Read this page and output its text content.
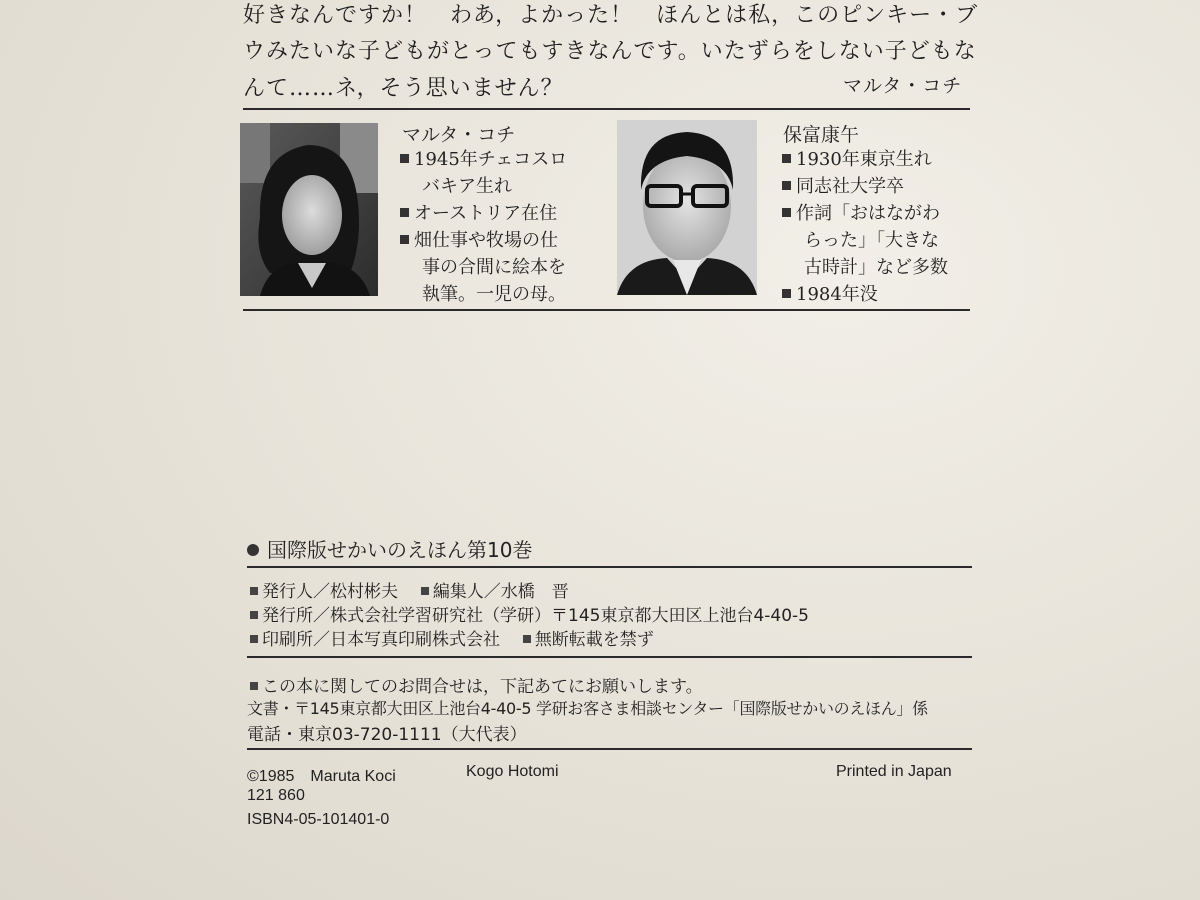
好きなんですか！　わあ，よかった！　ほんとは私，このピンキー・ブ
ウみたいな子どもがとってもすきなんです。いたずらをしない子どもな
んて……ネ，そう思いません？	マルタ・コチ
マルタ・コチ
1945年チェコスロ
バキア生れ
オーストリア在住
畑仕事や牧場の仕
事の合間に絵本を
執筆。一児の母。
保富康午
1930年東京生れ
同志社大学卒
作詞「おはながわ
らった」「大きな
古時計」など多数
1984年没
国際版せかいのえほん第10巻
発行人／松村彬夫 編集人／水橋　晋
発行所／株式会社学習研究社（学研）〒145東京都大田区上池台4-40-5
印刷所／日本写真印刷株式会社 無断転載を禁ず
この本に関してのお問合せは，下記あてにお願いします。
文書・〒145東京都大田区上池台4-40-5 学研お客さま相談センター「国際版せかいのえほん」係
電話・東京03-720-1111（大代表）
©1985　Maruta Koci	Kogo Hotomi	Printed in Japan
121 860
ISBN4-05-101401-0
